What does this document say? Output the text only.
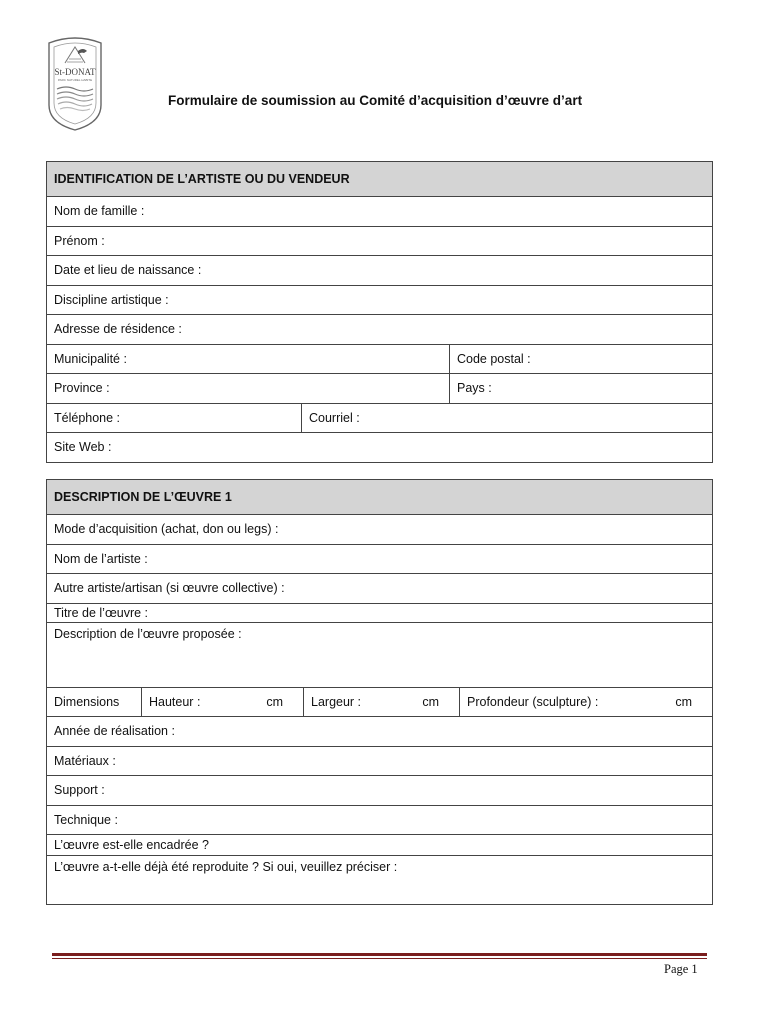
St-DONAT
PARC NATUREL HABITE
Formulaire de soumission au Comité d’acquisition d’œuvre d’art
IDENTIFICATION DE L’ARTISTE OU DU VENDEUR		
Nom de famille :		
Prénom :		
Date et lieu de naissance :		
Discipline artistique :		
Adresse de résidence :		
Municipalité :		Code postal :
Province :		Pays :
Téléphone :	Courriel :	
Site Web :		
DESCRIPTION DE L’ŒUVRE 1
Mode d’acquisition (achat, don ou legs) :
Nom de l’artiste :
Autre artiste/artisan (si œuvre collective) :
Titre de l’œuvre :
Description de l’œuvre proposée :
Dimensions	Hauteur :	cm	Largeur :	cm	Profondeur (sculpture) :	cm

Année de réalisation :
Matériaux :
Support :
Technique :
L’œuvre est-elle encadrée ?
L’œuvre a-t-elle déjà été reproduite ? Si oui, veuillez préciser :
Page 1
